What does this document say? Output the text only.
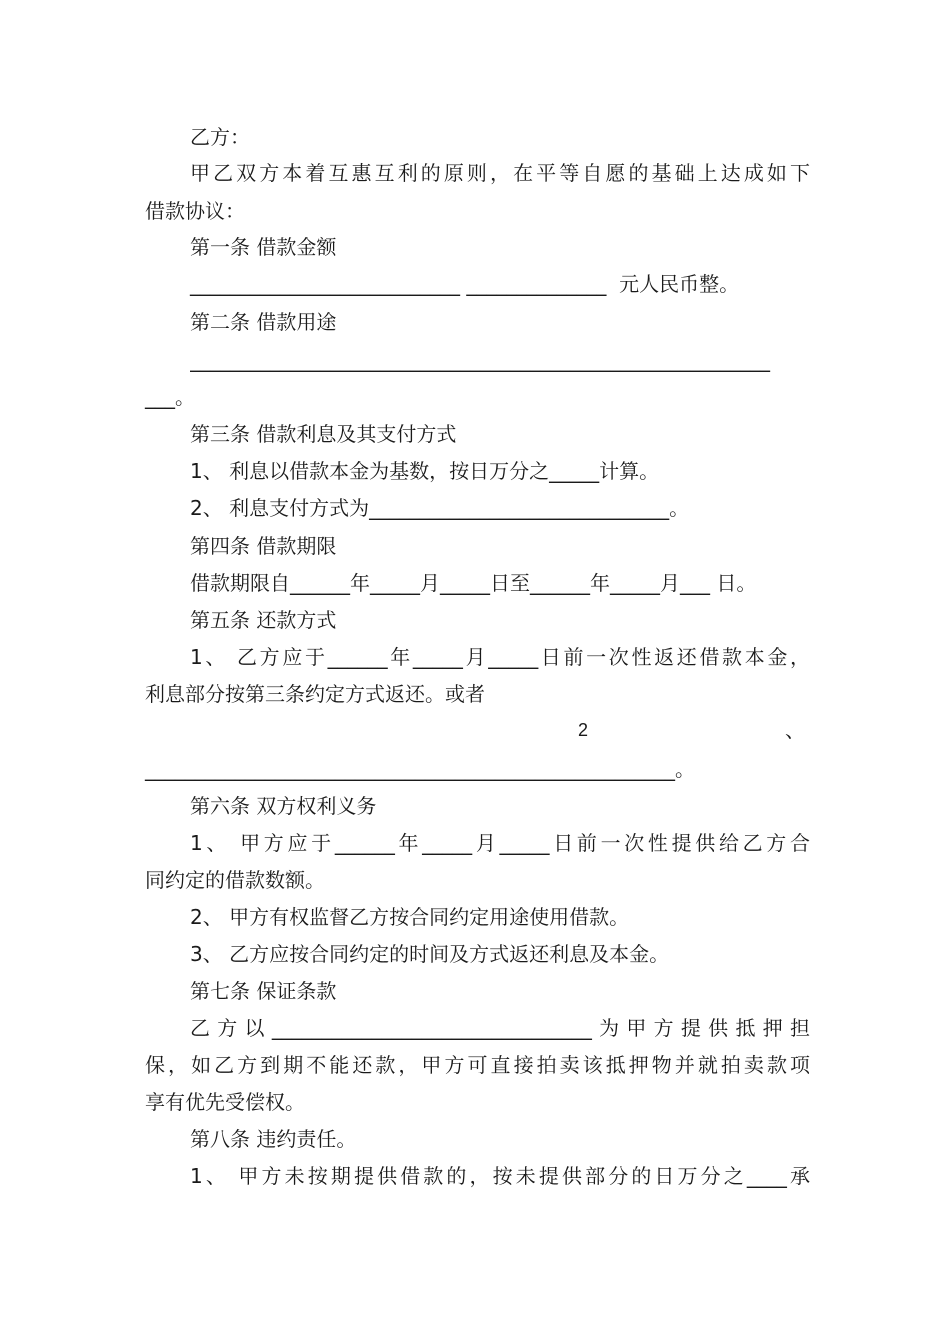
乙方：

甲乙双方本着互惠互利的原则，在平等自愿的基础上达成如下

借款协议：

第一条 借款金额

___________________________ ______________  元人民币整。

第二条 借款用途

__________________________________________________________

___。

第三条 借款利息及其支付方式

1、 利息以借款本金为基数，按日万分之_____计算。

2、 利息支付方式为______________________________。

第四条 借款期限

借款期限自______年_____月_____日至______年_____月___ 日。

第五条 还款方式

1、 乙方应于______年_____月_____日前一次性返还借款本金，

利息部分按第三条约定方式返还。或者

2	、

_____________________________________________________。

第六条 双方权利义务

1、 甲方应于______年_____月_____日前一次性提供给乙方合

同约定的借款数额。

2、 甲方有权监督乙方按合同约定用途使用借款。

3、 乙方应按合同约定的时间及方式返还利息及本金。

第七条 保证条款

乙方以________________________________为甲方提供抵押担

保，如乙方到期不能还款，甲方可直接拍卖该抵押物并就拍卖款项

享有优先受偿权。

第八条 违约责任。

1、 甲方未按期提供借款的，按未提供部分的日万分之____承
